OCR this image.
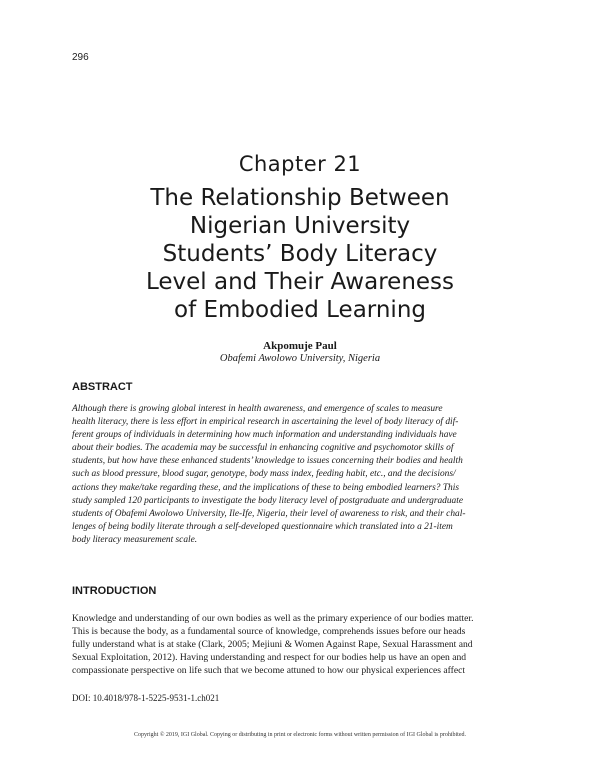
296
Chapter 21
The Relationship Between
Nigerian University
Students’ Body Literacy
Level and Their Awareness
of Embodied Learning
Akpomuje Paul
Obafemi Awolowo University, Nigeria
ABSTRACT
Although there is growing global interest in health awareness, and emergence of scales to measure
health literacy, there is less effort in empirical research in ascertaining the level of body literacy of dif-
ferent groups of individuals in determining how much information and understanding individuals have
about their bodies. The academia may be successful in enhancing cognitive and psychomotor skills of
students, but how have these enhanced students’ knowledge to issues concerning their bodies and health
such as blood pressure, blood sugar, genotype, body mass index, feeding habit, etc., and the decisions/
actions they make/take regarding these, and the implications of these to being embodied learners? This
study sampled 120 participants to investigate the body literacy level of postgraduate and undergraduate
students of Obafemi Awolowo University, Ile-Ife, Nigeria, their level of awareness to risk, and their chal-
lenges of being bodily literate through a self-developed questionnaire which translated into a 21-item
body literacy measurement scale.
INTRODUCTION
Knowledge and understanding of our own bodies as well as the primary experience of our bodies matter.
This is because the body, as a fundamental source of knowledge, comprehends issues before our heads
fully understand what is at stake (Clark, 2005; Mejiuni & Women Against Rape, Sexual Harassment and
Sexual Exploitation, 2012). Having understanding and respect for our bodies help us have an open and
compassionate perspective on life such that we become attuned to how our physical experiences affect
DOI: 10.4018/978-1-5225-9531-1.ch021
Copyright © 2019, IGI Global. Copying or distributing in print or electronic forms without written permission of IGI Global is prohibited.
